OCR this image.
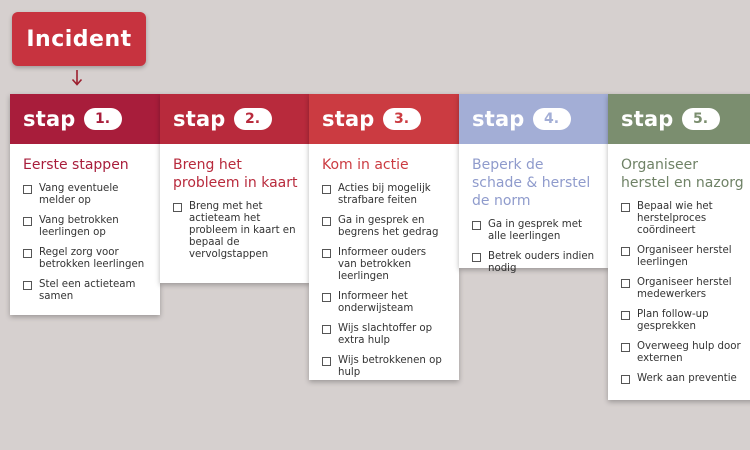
Incident
stap	1.
Eerste stappen
Vang eventuele melder op
Vang betrokken leerlingen op
Regel zorg voor betrokken leerlingen
Stel een actieteam samen
stap	2.
Breng het probleem in kaart
Breng met het actieteam het probleem in kaart en bepaal de vervolgstappen
stap	3.
Kom in actie
Acties bij mogelijk strafbare feiten
Ga in gesprek en begrens het gedrag
Informeer ouders van betrokken leerlingen
Informeer het onderwijsteam
Wijs slachtoffer op extra hulp
Wijs betrokkenen op hulp
stap	4.
Beperk de schade & herstel de norm
Ga in gesprek met alle leerlingen
Betrek ouders indien nodig
stap	5.
Organiseer herstel en nazorg
Bepaal wie het herstelproces coördineert
Organiseer herstel leerlingen
Organiseer herstel medewerkers
Plan follow-up gesprekken
Overweeg hulp door externen
Werk aan preventie
